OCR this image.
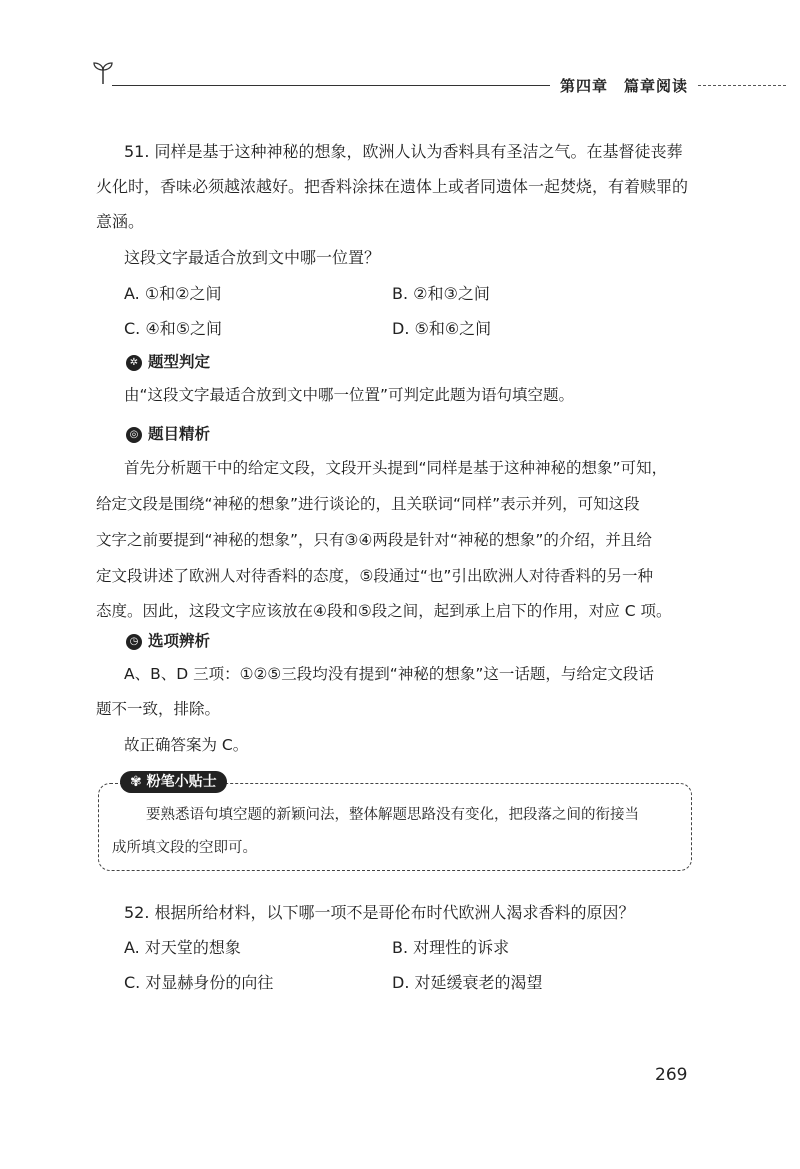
第四章　篇章阅读
51. 同样是基于这种神秘的想象，欧洲人认为香料具有圣洁之气。在基督徒丧葬
火化时，香味必须越浓越好。把香料涂抹在遗体上或者同遗体一起焚烧，有着赎罪的
意涵。
这段文字最适合放到文中哪一位置？
A. ①和②之间	B. ②和③之间
C. ④和⑤之间	D. ⑤和⑥之间
✲ 题型判定
由“这段文字最适合放到文中哪一位置”可判定此题为语句填空题。
◎ 题目精析
首先分析题干中的给定文段，文段开头提到“同样是基于这种神秘的想象”可知，
给定文段是围绕“神秘的想象”进行谈论的，且关联词“同样”表示并列，可知这段
文字之前要提到“神秘的想象”，只有③④两段是针对“神秘的想象”的介绍，并且给
定文段讲述了欧洲人对待香料的态度，⑤段通过“也”引出欧洲人对待香料的另一种
态度。因此，这段文字应该放在④段和⑤段之间，起到承上启下的作用，对应 C 项。
◷ 选项辨析
A、B、D 三项：①②⑤三段均没有提到“神秘的想象”这一话题，与给定文段话
题不一致，排除。
故正确答案为 C。
✾ 粉笔小贴士
要熟悉语句填空题的新颖问法，整体解题思路没有变化，把段落之间的衔接当
成所填文段的空即可。
52. 根据所给材料，以下哪一项不是哥伦布时代欧洲人渴求香料的原因？
A. 对天堂的想象	B. 对理性的诉求
C. 对显赫身份的向往	D. 对延缓衰老的渴望
269
